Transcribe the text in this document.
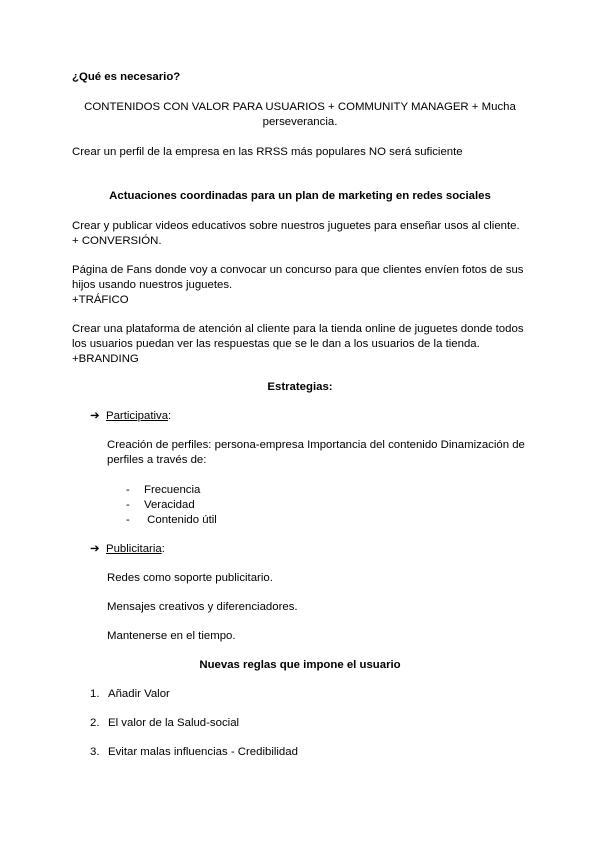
¿Qué es necesario?

CONTENIDOS CON VALOR PARA USUARIOS + COMMUNITY MANAGER + Mucha

perseverancia.

Crear un perfil de la empresa en las RRSS más populares NO será suficiente

Actuaciones coordinadas para un plan de marketing en redes sociales

Crear y publicar videos educativos sobre nuestros juguetes para enseñar usos al cliente.

+ CONVERSIÓN.

Página de Fans donde voy a convocar un concurso para que clientes envíen fotos de sus

hijos usando nuestros juguetes.

+TRÁFICO

Crear una plataforma de atención al cliente para la tienda online de juguetes donde todos

los usuarios puedan ver las respuestas que se le dan a los usuarios de la tienda.

+BRANDING

Estrategias:

➔ Participativa:

Creación de perfiles: persona-empresa Importancia del contenido Dinamización de

perfiles a través de:

- Frecuencia
- Veracidad
- Contenido útil
➔ Publicitaria:

Redes como soporte publicitario.

Mensajes creativos y diferenciadores.

Mantenerse en el tiempo.

Nuevas reglas que impone el usuario

1. Añadir Valor
2. El valor de la Salud-social
3. Evitar malas influencias - Credibilidad
